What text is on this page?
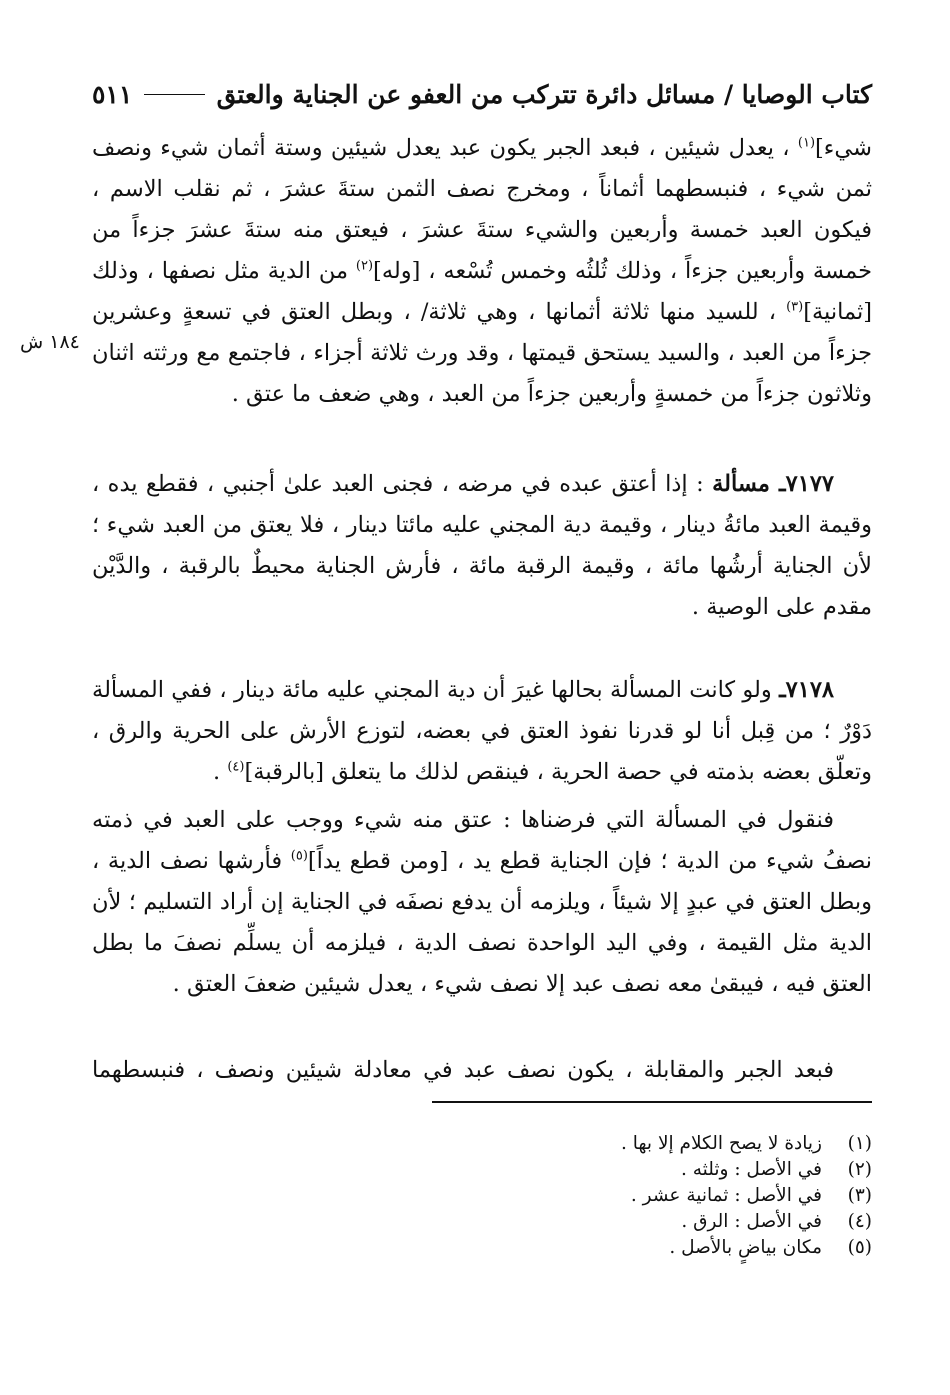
كتاب الوصايا / مسائل دائرة تتركب من العفو عن الجناية والعتق
٥١١
١٨٤ ش

شيء]$^{(١)}$ ، يعدل شيئين ، فبعد الجبر يكون عبد يعدل شيئين وستة أثمان شيء ونصف ثمن شيء ، فنبسطهما أثماناً ، ومخرج نصف الثمن ستةَ عشرَ ، ثم نقلب الاسم ، فيكون العبد خمسة وأربعين والشيء ستةَ عشرَ ، فيعتق منه ستةَ عشرَ جزءاً من خمسة وأربعين جزءاً ، وذلك ثُلثُه وخمس تُسْعه ، [وله]$^{(٢)}$ من الدية مثل نصفها ، وذلك [ثمانية]$^{(٣)}$ ، للسيد منها ثلاثة أثمانها ، وهي ثلاثة/ ، وبطل العتق في تسعةٍ وعشرين جزءاً من العبد ، والسيد يستحق قيمتها ، وقد ورث ثلاثة أجزاء ، فاجتمع مع ورثته اثنان وثلاثون جزءاً من خمسةٍ وأربعين جزءاً من العبد ، وهي ضعف ما عتق .

٧١٧٧ـ مسألة : إذا أعتق عبده في مرضه ، فجنى العبد علىٰ أجنبي ، فقطع يده ، وقيمة العبد مائةُ دينار ، وقيمة دية المجني عليه مائتا دينار ، فلا يعتق من العبد شيء ؛ لأن الجناية أرشُها مائة ، وقيمة الرقبة مائة ، فأرش الجناية محيطٌ بالرقبة ، والدَّيْن مقدم على الوصية .

٧١٧٨ـ ولو كانت المسألة بحالها غيرَ أن دية المجني عليه مائة دينار ، ففي المسألة دَوْرٌ ؛ من قِبل أنا لو قدرنا نفوذ العتق في بعضه، لتوزع الأرش على الحرية والرق ، وتعلّق بعضه بذمته في حصة الحرية ، فينقص لذلك ما يتعلق [بالرقبة]$^{(٤)}$ .

فنقول في المسألة التي فرضناها : عتق منه شيء ووجب على العبد في ذمته نصفُ شيء من الدية ؛ فإن الجناية قطع يد ، [ومن قطع يداً]$^{(٥)}$ فأرشها نصف الدية ، وبطل العتق في عبدٍ إلا شيئاً ، ويلزمه أن يدفع نصفَه في الجناية إن أراد التسليم ؛ لأن الدية مثل القيمة ، وفي اليد الواحدة نصف الدية ، فيلزمه أن يسلِّم نصفَ ما بطل العتق فيه ، فيبقىٰ معه نصف عبد إلا نصف شيء ، يعدل شيئين ضعفَ العتق .

فبعد الجبر والمقابلة ، يكون نصف عبد في معادلة شيئين ونصف ، فنبسطهما

(١)
زيادة لا يصح الكلام إلا بها .
(٢)
في الأصل : وثلثه .
(٣)
في الأصل : ثمانية عشر .
(٤)
في الأصل : الرق .
(٥)
مكان بياضٍ بالأصل .
